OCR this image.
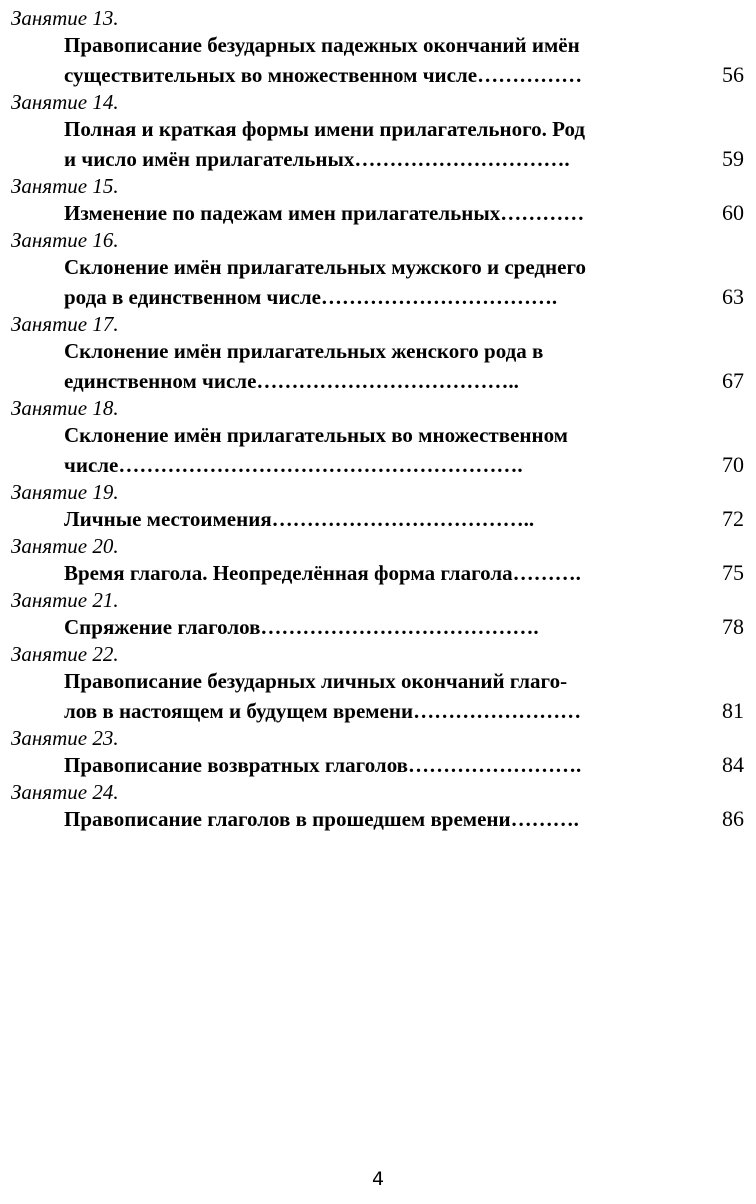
Занятие 13.
Правописание безударных падежных окончаний имён
существительных во множественном числе……………	56
Занятие 14.
Полная и краткая формы имени прилагательного. Род
и число имён прилагательных………………………….	59
Занятие 15.
Изменение по падежам имен прилагательных…………	60
Занятие 16.
Склонение имён прилагательных мужского и среднего
рода в единственном числе…………………………….	63
Занятие 17.
Склонение имён прилагательных женского рода в
единственном числе………………………………..	67
Занятие 18.
Склонение имён прилагательных во множественном
числе………………………………………………….	70
Занятие 19.
Личные местоимения………………………………..	72
Занятие 20.
Время глагола. Неопределённая форма глагола……….	75
Занятие 21.
Спряжение глаголов………………………………….	78
Занятие 22.
Правописание безударных личных окончаний глаго-
лов в настоящем и будущем времени……………………	81
Занятие 23.
Правописание возвратных глаголов…………………….	84
Занятие 24.
Правописание глаголов в прошедшем времени……….	86
4
